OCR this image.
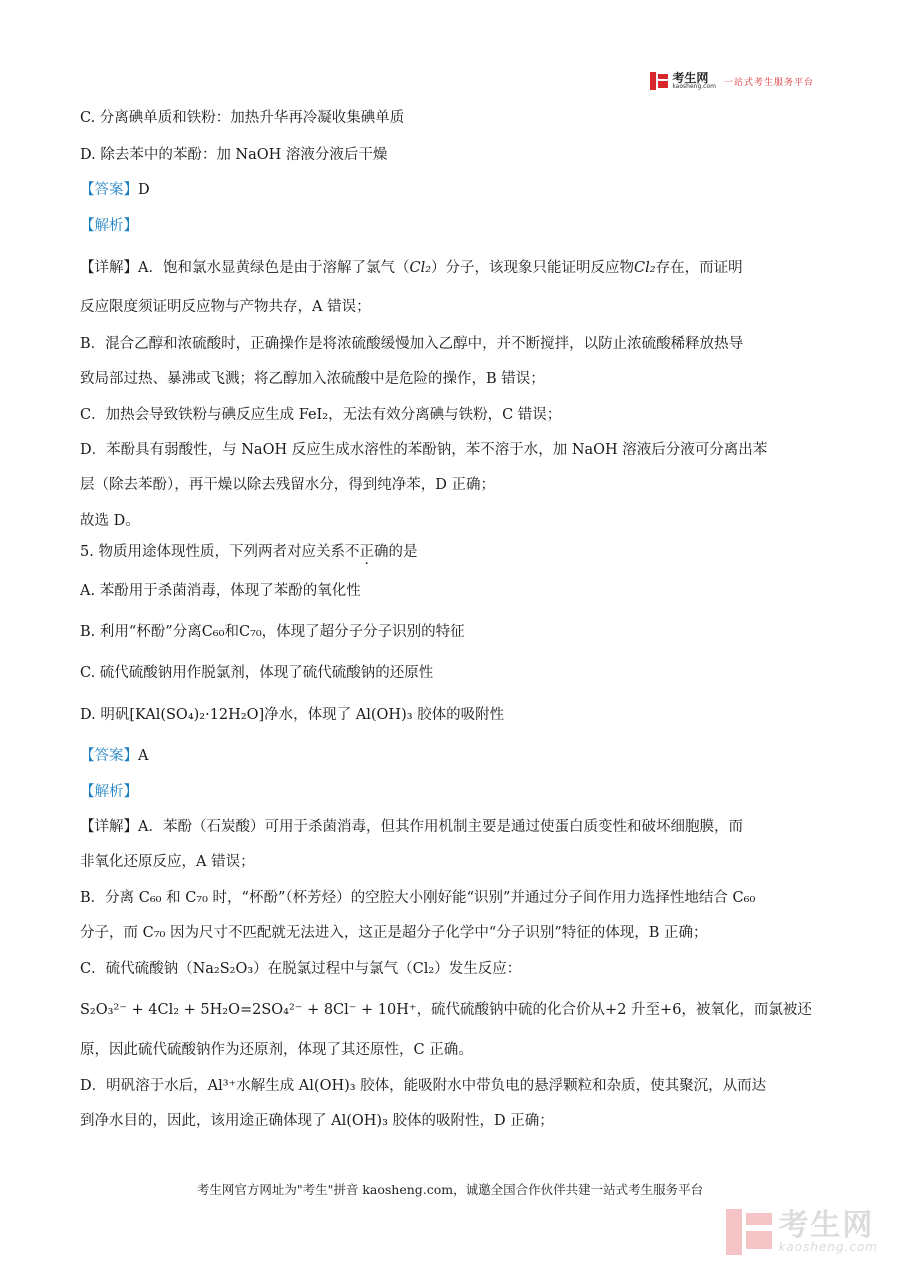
考生网
kaosheng.com 一站式考生服务平台
C. 分离碘单质和铁粉：加热升华再冷凝收集碘单质
D. 除去苯中的苯酚：加 NaOH 溶液分液后干燥
【答案】D
【解析】
【详解】A．饱和氯水显黄绿色是由于溶解了氯气（Cl₂）分子，该现象只能证明反应物Cl₂存在，而证明
反应限度须证明反应物与产物共存，A 错误；
B．混合乙醇和浓硫酸时，正确操作是将浓硫酸缓慢加入乙醇中，并不断搅拌，以防止浓硫酸稀释放热导
致局部过热、暴沸或飞溅；将乙醇加入浓硫酸中是危险的操作，B 错误；
C．加热会导致铁粉与碘反应生成 FeI₂，无法有效分离碘与铁粉，C 错误；
D．苯酚具有弱酸性，与 NaOH 反应生成水溶性的苯酚钠，苯不溶于水，加 NaOH 溶液后分液可分离出苯
层（除去苯酚），再干燥以除去残留水分，得到纯净苯，D 正确；
故选 D。
5. 物质用途体现性质，下列两者对应关系不正确的是
A. 苯酚用于杀菌消毒，体现了苯酚的氧化性
B. 利用“杯酚”分离C₆₀和C₇₀，体现了超分子分子识别的特征
C. 硫代硫酸钠用作脱氯剂，体现了硫代硫酸钠的还原性
D. 明矾[KAl(SO₄)₂·12H₂O]净水，体现了 Al(OH)₃ 胶体的吸附性
【答案】A
【解析】
【详解】A．苯酚（石炭酸）可用于杀菌消毒，但其作用机制主要是通过使蛋白质变性和破坏细胞膜，而
非氧化还原反应，A 错误；
B．分离 C₆₀ 和 C₇₀ 时，“杯酚”（杯芳烃）的空腔大小刚好能“识别”并通过分子间作用力选择性地结合 C₆₀
分子，而 C₇₀ 因为尺寸不匹配就无法进入，这正是超分子化学中“分子识别”特征的体现，B 正确；
C．硫代硫酸钠（Na₂S₂O₃）在脱氯过程中与氯气（Cl₂）发生反应：
S₂O₃²⁻ + 4Cl₂ + 5H₂O=2SO₄²⁻ + 8Cl⁻ + 10H⁺，硫代硫酸钠中硫的化合价从+2 升至+6，被氧化，而氯被还
原，因此硫代硫酸钠作为还原剂，体现了其还原性，C 正确。
D．明矾溶于水后，Al³⁺水解生成 Al(OH)₃ 胶体，能吸附水中带负电的悬浮颗粒和杂质，使其聚沉，从而达
到净水目的，因此，该用途正确体现了 Al(OH)₃ 胶体的吸附性，D 正确；
考生网官方网址为"考生"拼音 kaosheng.com，诚邀全国合作伙伴共建一站式考生服务平台
考生网
kaosheng.com
